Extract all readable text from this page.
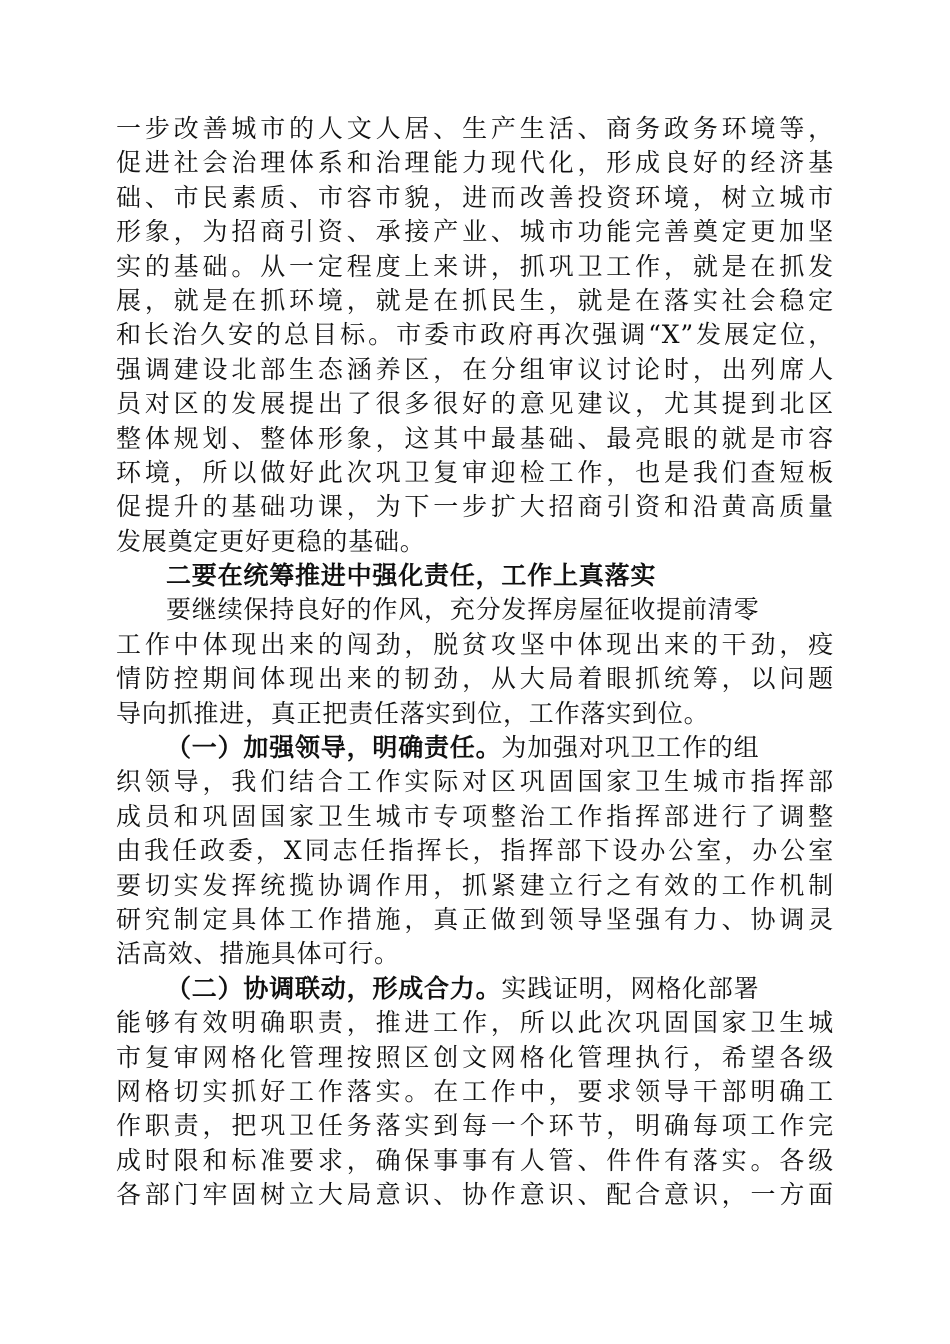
一步改善城市的人文人居、生产生活、商务政务环境等，
促进社会治理体系和治理能力现代化，形成良好的经济基
础、市民素质、市容市貌，进而改善投资环境，树立城市
形象，为招商引资、承接产业、城市功能完善奠定更加坚
实的基础。从一定程度上来讲，抓巩卫工作，就是在抓发
展，就是在抓环境，就是在抓民生，就是在落实社会稳定
和长治久安的总目标。市委市政府再次强调“X”发展定位，
强调建设北部生态涵养区，在分组审议讨论时，出列席人
员对区的发展提出了很多很好的意见建议，尤其提到北区
整体规划、整体形象，这其中最基础、最亮眼的就是市容
环境，所以做好此次巩卫复审迎检工作，也是我们查短板
促提升的基础功课，为下一步扩大招商引资和沿黄高质量
发展奠定更好更稳的基础。
二要在统筹推进中强化责任，工作上真落实
要继续保持良好的作风，充分发挥房屋征收提前清零
工作中体现出来的闯劲，脱贫攻坚中体现出来的干劲，疫
情防控期间体现出来的韧劲，从大局着眼抓统筹，以问题
导向抓推进，真正把责任落实到位，工作落实到位。
（一）加强领导，明确责任。为加强对巩卫工作的组
织领导，我们结合工作实际对区巩固国家卫生城市指挥部
成员和巩固国家卫生城市专项整治工作指挥部进行了调整
由我任政委，X同志任指挥长，指挥部下设办公室，办公室
要切实发挥统揽协调作用，抓紧建立行之有效的工作机制
研究制定具体工作措施，真正做到领导坚强有力、协调灵
活高效、措施具体可行。
（二）协调联动，形成合力。实践证明，网格化部署
能够有效明确职责，推进工作，所以此次巩固国家卫生城
市复审网格化管理按照区创文网格化管理执行，希望各级
网格切实抓好工作落实。在工作中，要求领导干部明确工
作职责，把巩卫任务落实到每一个环节，明确每项工作完
成时限和标准要求，确保事事有人管、件件有落实。各级
各部门牢固树立大局意识、协作意识、配合意识，一方面
